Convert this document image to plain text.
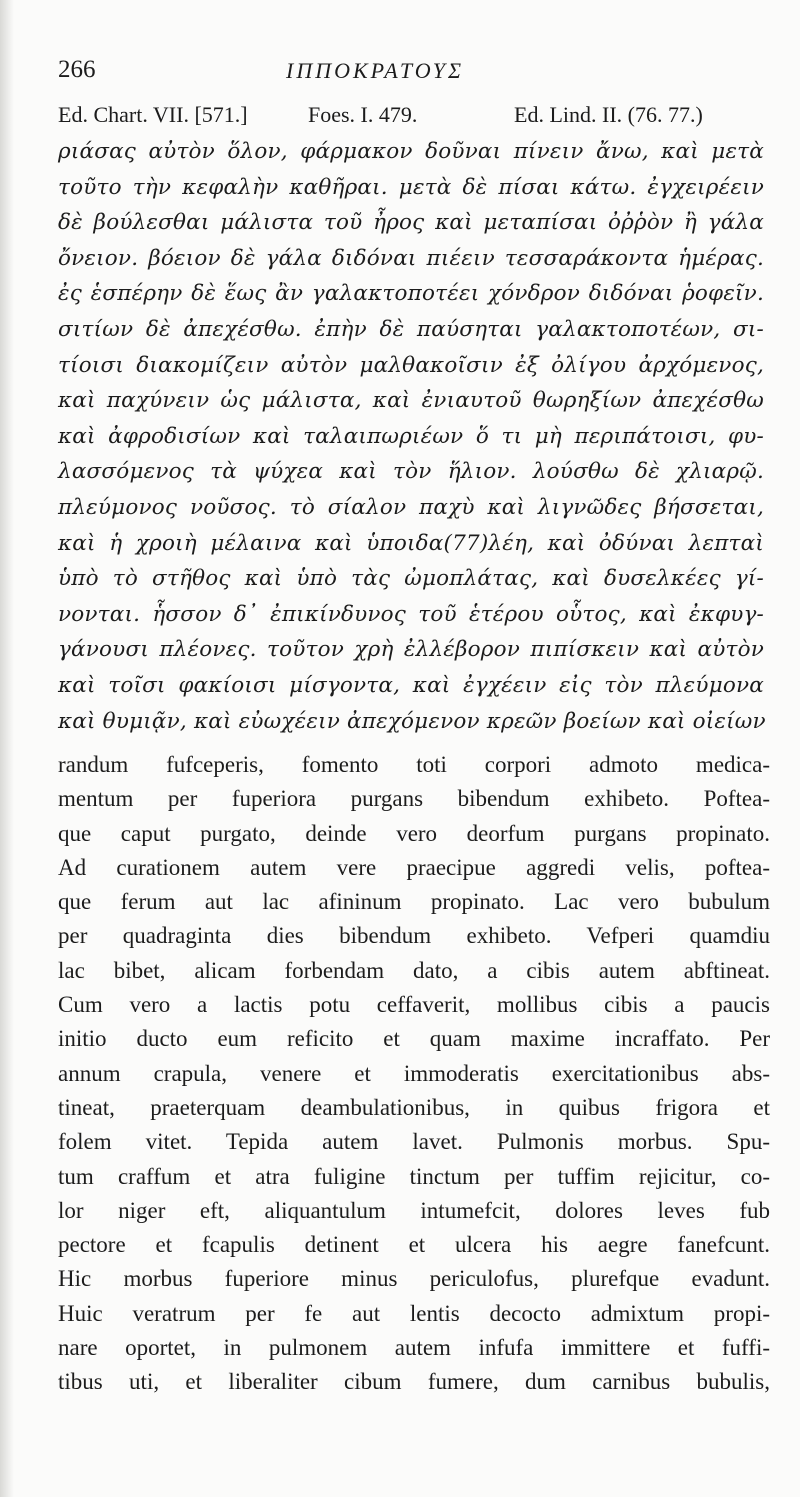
266	ΙΠΠΟΚΡΑΤΟΥΣ
Ed. Chart. VII. [571.]	Foes. I. 479.	Ed. Lind. II. (76. 77.)
ριάσας αὐτὸν ὅλον, φάρμακον δοῦναι πίνειν ἄνω, καὶ μετὰ
τοῦτο τὴν κεφαλὴν καθῆραι. μετὰ δὲ πίσαι κάτω. ἐγχειρέειν
δὲ βούλεσθαι μάλιστα τοῦ ἦρος καὶ μεταπίσαι ὀῤῥὸν ἢ γάλα
ὄνειον. βόειον δὲ γάλα διδόναι πιέειν τεσσαράκοντα ἡμέρας.
ἐς ἑσπέρην δὲ ἕως ἂν γαλακτοποτέει χόνδρον διδόναι ῥοφεῖν.
σιτίων δὲ ἀπεχέσθω. ἐπὴν δὲ παύσηται γαλακτοποτέων, σι-
τίοισι διακομίζειν αὐτὸν μαλθακοῖσιν ἐξ ὀλίγου ἀρχόμενος,
καὶ παχύνειν ὡς μάλιστα, καὶ ἐνιαυτοῦ θωρηξίων ἀπεχέσθω
καὶ ἀφροδισίων καὶ ταλαιπωριέων ὅ τι μὴ περιπάτοισι, φυ-
λασσόμενος τὰ ψύχεα καὶ τὸν ἥλιον. λούσθω δὲ χλιαρῷ.
πλεύμονος νοῦσος. τὸ σίαλον παχὺ καὶ λιγνῶδες βήσσεται,
καὶ ἡ χροιὴ μέλαινα καὶ ὑποιδα(77)λέη, καὶ ὀδύναι λεπταὶ
ὑπὸ τὸ στῆθος καὶ ὑπὸ τὰς ὠμοπλάτας, καὶ δυσελκέες γί-
νονται. ἧσσον δ᾽ ἐπικίνδυνος τοῦ ἑτέρου οὗτος, καὶ ἐκφυγ-
γάνουσι πλέονες. τοῦτον χρὴ ἐλλέβορον πιπίσκειν καὶ αὐτὸν
καὶ τοῖσι φακίοισι μίσγοντα, καὶ ἐγχέειν εἰς τὸν πλεύμονα
καὶ θυμιᾷν, καὶ εὐωχέειν ἀπεχόμενον κρεῶν βοείων καὶ οἰείων
randum fufceperis, fomento toti corpori admoto medica-
mentum per fuperiora purgans bibendum exhibeto. Poftea-
que caput purgato, deinde vero deorfum purgans propinato.
Ad curationem autem vere praecipue aggredi velis, poftea-
que ferum aut lac afininum propinato. Lac vero bubulum
per quadraginta dies bibendum exhibeto. Vefperi quamdiu
lac bibet, alicam forbendam dato, a cibis autem abftineat.
Cum vero a lactis potu ceffaverit, mollibus cibis a paucis
initio ducto eum reficito et quam maxime incraffato. Per
annum crapula, venere et immoderatis exercitationibus abs-
tineat, praeterquam deambulationibus, in quibus frigora et
folem vitet. Tepida autem lavet. Pulmonis morbus. Spu-
tum craffum et atra fuligine tinctum per tuffim rejicitur, co-
lor niger eft, aliquantulum intumefcit, dolores leves fub
pectore et fcapulis detinent et ulcera his aegre fanefcunt.
Hic morbus fuperiore minus periculofus, plurefque evadunt.
Huic veratrum per fe aut lentis decocto admixtum propi-
nare oportet, in pulmonem autem infufa immittere et fuffi-
tibus uti, et liberaliter cibum fumere, dum carnibus bubulis,
